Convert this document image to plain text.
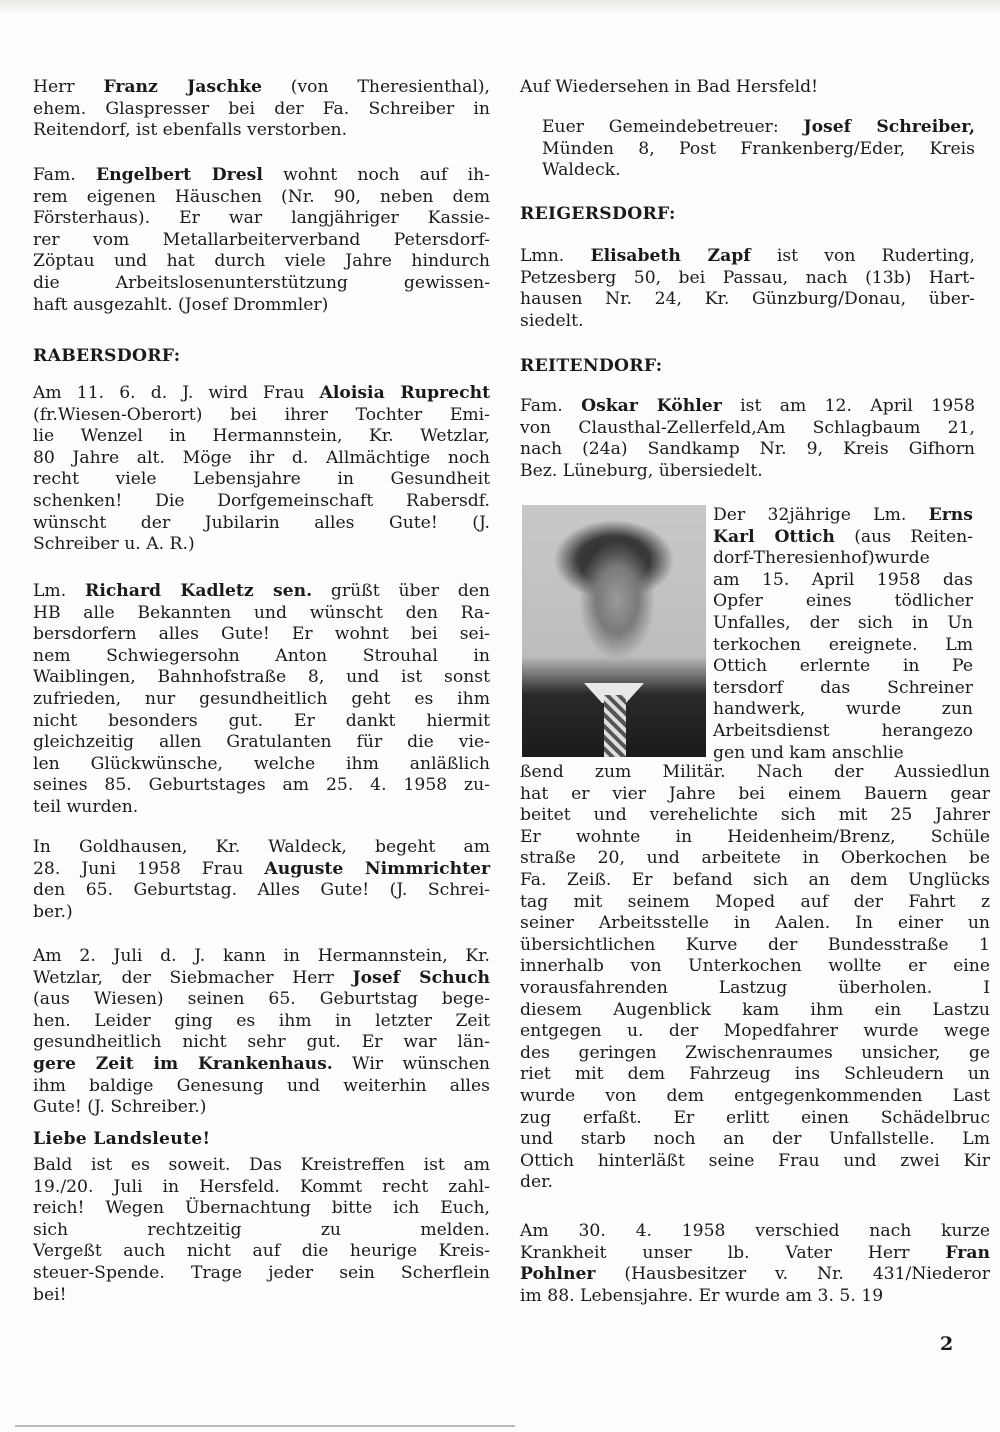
Herr Franz Jaschke (von Theresienthal),
ehem. Glaspresser bei der Fa. Schreiber in
Reitendorf, ist ebenfalls verstorben.
Fam. Engelbert Dresl wohnt noch auf ih-
rem eigenen Häuschen (Nr. 90, neben dem
Försterhaus). Er war langjähriger Kassie-
rer vom Metallarbeiterverband Petersdorf-
Zöptau und hat durch viele Jahre hindurch
die Arbeitslosenunterstützung gewissen-
haft ausgezahlt. (Josef Drommler)
RABERSDORF:
Am 11. 6. d. J. wird Frau Aloisia Ruprecht
(fr.Wiesen-Oberort) bei ihrer Tochter Emi-
lie Wenzel in Hermannstein, Kr. Wetzlar,
80 Jahre alt. Möge ihr d. Allmächtige noch
recht viele Lebensjahre in Gesundheit
schenken! Die Dorfgemeinschaft Rabersdf.
wünscht der Jubilarin alles Gute! (J.
Schreiber u. A. R.)
Lm. Richard Kadletz sen. grüßt über den
HB alle Bekannten und wünscht den Ra-
bersdorfern alles Gute! Er wohnt bei sei-
nem Schwiegersohn Anton Strouhal in
Waiblingen, Bahnhofstraße 8, und ist sonst
zufrieden, nur gesundheitlich geht es ihm
nicht besonders gut. Er dankt hiermit
gleichzeitig allen Gratulanten für die vie-
len Glückwünsche, welche ihm anläßlich
seines 85. Geburtstages am 25. 4. 1958 zu-
teil wurden.
In Goldhausen, Kr. Waldeck, begeht am
28. Juni 1958 Frau Auguste Nimmrichter
den 65. Geburtstag. Alles Gute! (J. Schrei-
ber.)
Am 2. Juli d. J. kann in Hermannstein, Kr.
Wetzlar, der Siebmacher Herr Josef Schuch
(aus Wiesen) seinen 65. Geburtstag bege-
hen. Leider ging es ihm in letzter Zeit
gesundheitlich nicht sehr gut. Er war län-
gere Zeit im Krankenhaus. Wir wünschen
ihm baldige Genesung und weiterhin alles
Gute! (J. Schreiber.)
Liebe Landsleute!
Bald ist es soweit. Das Kreistreffen ist am
19./20. Juli in Hersfeld. Kommt recht zahl-
reich! Wegen Übernachtung bitte ich Euch,
sich rechtzeitig zu melden.
Vergeßt auch nicht auf die heurige Kreis-
steuer-Spende. Trage jeder sein Scherflein
bei!
Auf Wiedersehen in Bad Hersfeld!
Euer Gemeindebetreuer: Josef Schreiber,
Münden 8, Post Frankenberg/Eder, Kreis
Waldeck.
REIGERSDORF:
Lmn. Elisabeth Zapf ist von Ruderting,
Petzesberg 50, bei Passau, nach (13b) Hart-
hausen Nr. 24, Kr. Günzburg/Donau, über-
siedelt.
REITENDORF:
Fam. Oskar Köhler ist am 12. April 1958
von Clausthal-Zellerfeld,Am Schlagbaum 21,
nach (24a) Sandkamp Nr. 9, Kreis Gifhorn
Bez. Lüneburg, übersiedelt.
Der 32jährige Lm. Erns
Karl Ottich (aus Reiten-
dorf-Theresienhof)wurde
am 15. April 1958 das
Opfer eines tödlicher
Unfalles, der sich in Un
terkochen ereignete. Lm
Ottich erlernte in Pe
tersdorf das Schreiner
handwerk, wurde zun
Arbeitsdienst herangezo
gen und kam anschlie
ßend zum Militär. Nach der Aussiedlun
hat er vier Jahre bei einem Bauern gear
beitet und verehelichte sich mit 25 Jahrer
Er wohnte in Heidenheim/Brenz, Schüle
straße 20, und arbeitete in Oberkochen be
Fa. Zeiß. Er befand sich an dem Unglücks
tag mit seinem Moped auf der Fahrt z
seiner Arbeitsstelle in Aalen. In einer un
übersichtlichen Kurve der Bundesstraße 1
innerhalb von Unterkochen wollte er eine
vorausfahrenden Lastzug überholen. I
diesem Augenblick kam ihm ein Lastzu
entgegen u. der Mopedfahrer wurde wege
des geringen Zwischenraumes unsicher, ge
riet mit dem Fahrzeug ins Schleudern un
wurde von dem entgegenkommenden Last
zug erfaßt. Er erlitt einen Schädelbruc
und starb noch an der Unfallstelle. Lm
Ottich hinterläßt seine Frau und zwei Kir
der.
Am 30. 4. 1958 verschied nach kurze
Krankheit unser lb. Vater Herr Fran
Pohlner (Hausbesitzer v. Nr. 431/Niederor
im 88. Lebensjahre. Er wurde am 3. 5. 19
2
